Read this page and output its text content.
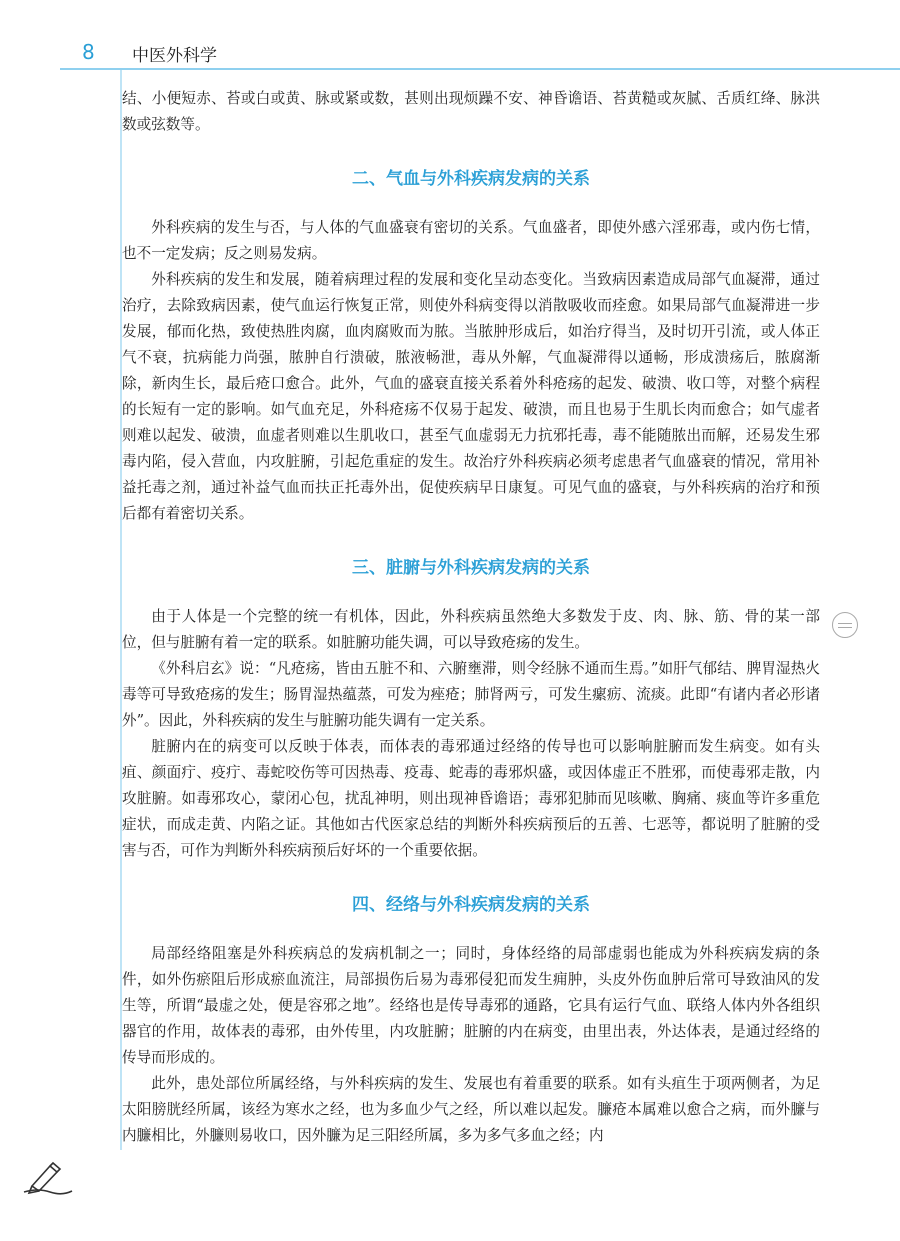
8 中医外科学

结、小便短赤、苔或白或黄、脉或紧或数，甚则出现烦躁不安、神昏谵语、苔黄糙或灰腻、舌质红绛、脉洪数或弦数等。

二、气血与外科疾病发病的关系

外科疾病的发生与否，与人体的气血盛衰有密切的关系。气血盛者，即使外感六淫邪毒，或内伤七情，也不一定发病；反之则易发病。

外科疾病的发生和发展，随着病理过程的发展和变化呈动态变化。当致病因素造成局部气血凝滞，通过治疗，去除致病因素，使气血运行恢复正常，则使外科病变得以消散吸收而痊愈。如果局部气血凝滞进一步发展，郁而化热，致使热胜肉腐，血肉腐败而为脓。当脓肿形成后，如治疗得当，及时切开引流，或人体正气不衰，抗病能力尚强，脓肿自行溃破，脓液畅泄，毒从外解，气血凝滞得以通畅，形成溃疡后，脓腐渐除，新肉生长，最后疮口愈合。此外，气血的盛衰直接关系着外科疮疡的起发、破溃、收口等，对整个病程的长短有一定的影响。如气血充足，外科疮疡不仅易于起发、破溃，而且也易于生肌长肉而愈合；如气虚者则难以起发、破溃，血虚者则难以生肌收口，甚至气血虚弱无力抗邪托毒，毒不能随脓出而解，还易发生邪毒内陷，侵入营血，内攻脏腑，引起危重症的发生。故治疗外科疾病必须考虑患者气血盛衰的情况，常用补益托毒之剂，通过补益气血而扶正托毒外出，促使疾病早日康复。可见气血的盛衰，与外科疾病的治疗和预后都有着密切关系。

三、脏腑与外科疾病发病的关系

由于人体是一个完整的统一有机体，因此，外科疾病虽然绝大多数发于皮、肉、脉、筋、骨的某一部位，但与脏腑有着一定的联系。如脏腑功能失调，可以导致疮疡的发生。

《外科启玄》说：“凡疮疡，皆由五脏不和、六腑壅滞，则令经脉不通而生焉。”如肝气郁结、脾胃湿热火毒等可导致疮疡的发生；肠胃湿热蕴蒸，可发为痤疮；肺肾两亏，可发生瘰疬、流痰。此即“有诸内者必形诸外”。因此，外科疾病的发生与脏腑功能失调有一定关系。

脏腑内在的病变可以反映于体表，而体表的毒邪通过经络的传导也可以影响脏腑而发生病变。如有头疽、颜面疔、疫疔、毒蛇咬伤等可因热毒、疫毒、蛇毒的毒邪炽盛，或因体虚正不胜邪，而使毒邪走散，内攻脏腑。如毒邪攻心，蒙闭心包，扰乱神明，则出现神昏谵语；毒邪犯肺而见咳嗽、胸痛、痰血等许多重危症状，而成走黄、内陷之证。其他如古代医家总结的判断外科疾病预后的五善、七恶等，都说明了脏腑的受害与否，可作为判断外科疾病预后好坏的一个重要依据。

四、经络与外科疾病发病的关系

局部经络阻塞是外科疾病总的发病机制之一；同时，身体经络的局部虚弱也能成为外科疾病发病的条件，如外伤瘀阻后形成瘀血流注，局部损伤后易为毒邪侵犯而发生痈肿，头皮外伤血肿后常可导致油风的发生等，所谓“最虚之处，便是容邪之地”。经络也是传导毒邪的通路，它具有运行气血、联络人体内外各组织器官的作用，故体表的毒邪，由外传里，内攻脏腑；脏腑的内在病变，由里出表，外达体表，是通过经络的传导而形成的。

此外，患处部位所属经络，与外科疾病的发生、发展也有着重要的联系。如有头疽生于项两侧者，为足太阳膀胱经所属，该经为寒水之经，也为多血少气之经，所以难以起发。臁疮本属难以愈合之病，而外臁与内臁相比，外臁则易收口，因外臁为足三阳经所属，多为多气多血之经；内
